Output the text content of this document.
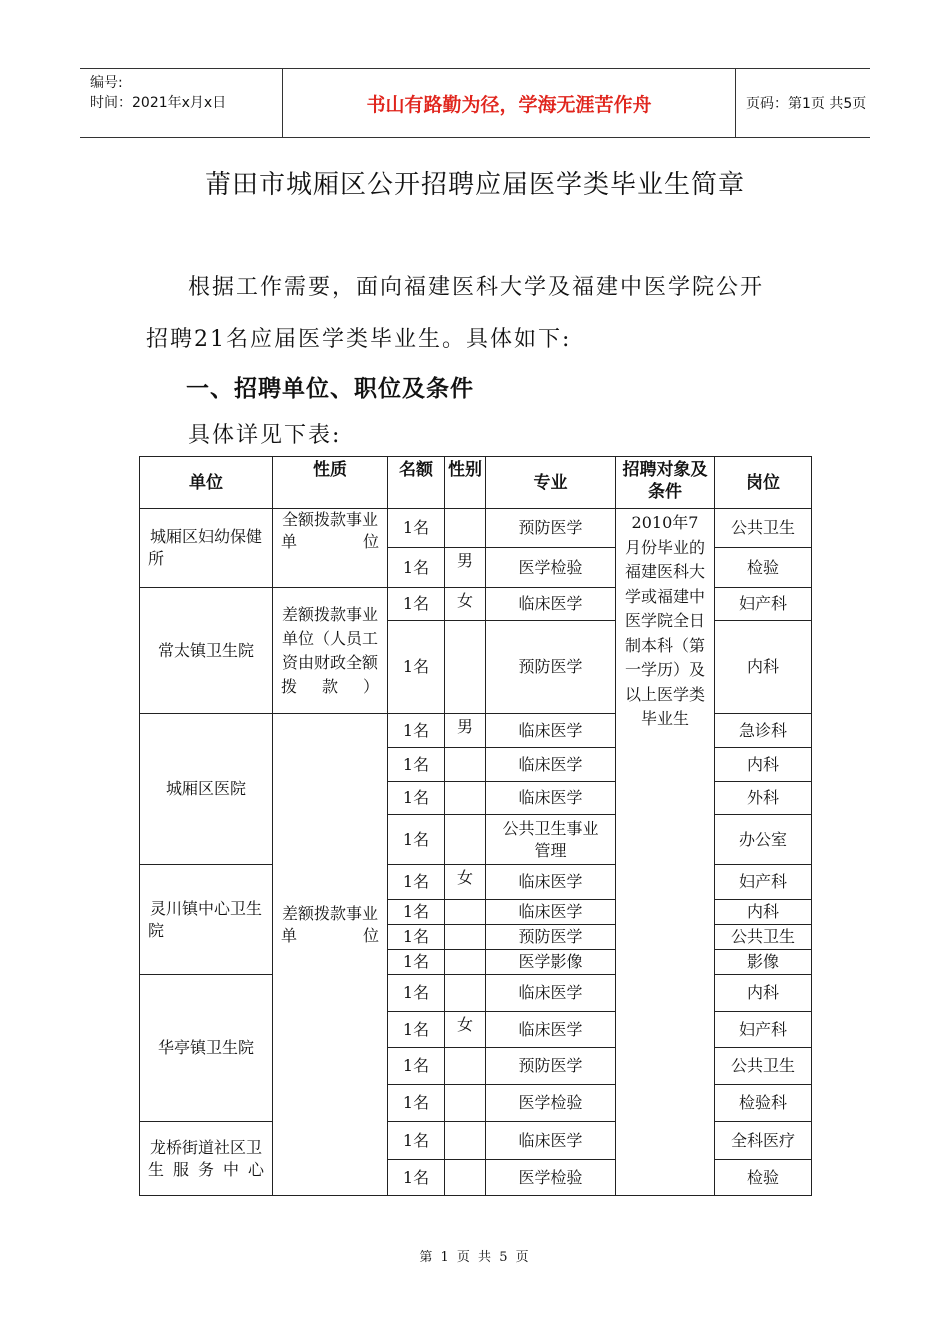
编号:
时间：2021年x月x日	书山有路勤为径，学海无涯苦作舟	页码：第1页 共5页
莆田市城厢区公开招聘应届医学类毕业生简章
根据工作需要，面向福建医科大学及福建中医学院公开
招聘21名应届医学类毕业生。具体如下:
一、招聘单位、职位及条件
具体详见下表:
单位	性质	名额	性别	专业	招聘对象及条件	岗位
城厢区妇幼保健所	全额拨款事业单位	1名		预防医学	2010年7月份毕业的福建医科大学或福建中医学院全日制本科（第一学历）及以上医学类毕业生	公共卫生
		1名	男	医学检验		检验
常太镇卫生院	差额拨款事业单位（人员工资由财政全额拨款）	1名	女	临床医学		妇产科
		1名		预防医学		内科
城厢区医院	差额拨款事业单位	1名	男	临床医学		急诊科
		1名		临床医学		内科
		1名		临床医学		外科
		1名		公共卫生事业管理		办公室
灵川镇中心卫生院		1名	女	临床医学		妇产科
		1名		临床医学		内科
		1名		预防医学		公共卫生
		1名		医学影像		影像
华亭镇卫生院		1名		临床医学		内科
		1名	女	临床医学		妇产科
		1名		预防医学		公共卫生
		1名		医学检验		检验科
龙桥街道社区卫生服务中心		1名		临床医学		全科医疗
		1名		医学检验		检验
第 1 页 共 5 页
